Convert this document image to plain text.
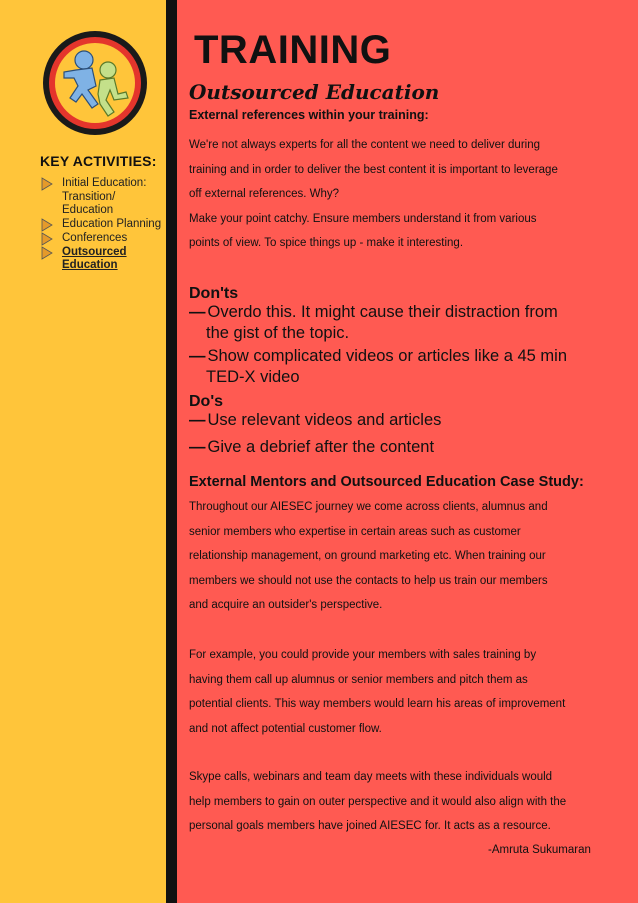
KEY ACTIVITIES:
Initial Education: Transition/ Education
Education Planning
Conferences
Outsourced Education
TRAINING
Outsourced Education
External references within your training:
We're not always experts for all the content we need to deliver during
training and in order to deliver the best content it is important to leverage
off external references. Why?
Make your point catchy. Ensure members understand it from various
points of view. To spice things up - make it interesting.
Don'ts
— Overdo this. It might cause their distraction from
the gist of the topic.
— Show complicated videos or articles like a 45 min
TED-X video
Do's
— Use relevant videos and articles
— Give a debrief after the content
External Mentors and Outsourced Education Case Study:
Throughout our AIESEC journey we come across clients, alumnus and
senior members who expertise in certain areas such as customer
relationship management, on ground marketing etc. When training our
members we should not use the contacts to help us train our members
and acquire an outsider's perspective.
For example, you could provide your members with sales training by
having them call up alumnus or senior members and pitch them as
potential clients. This way members would learn his areas of improvement
and not affect potential customer flow.
Skype calls, webinars and team day meets with these individuals would
help members to gain on outer perspective and it would also align with the
personal goals members have joined AIESEC for. It acts as a resource.
-Amruta Sukumaran
